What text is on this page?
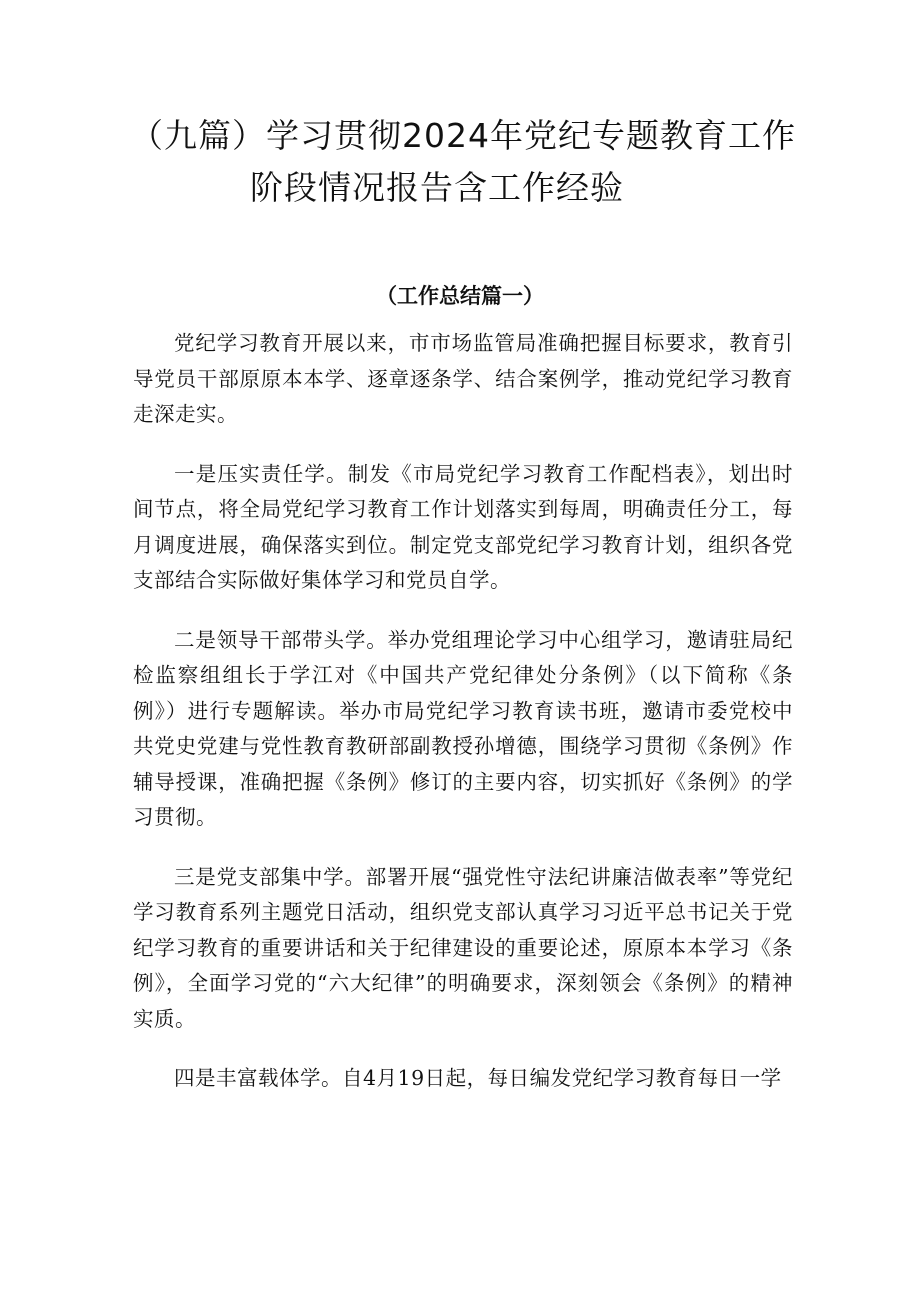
（九篇）学习贯彻2024年党纪专题教育工作
阶段情况报告含工作经验
（工作总结篇一）

党纪学习教育开展以来，市市场监管局准确把握目标要求，教育引导党员干部原原本本学、逐章逐条学、结合案例学，推动党纪学习教育走深走实。

一是压实责任学。制发《市局党纪学习教育工作配档表》，划出时间节点，将全局党纪学习教育工作计划落实到每周，明确责任分工，每月调度进展，确保落实到位。制定党支部党纪学习教育计划，组织各党支部结合实际做好集体学习和党员自学。

二是领导干部带头学。举办党组理论学习中心组学习，邀请驻局纪检监察组组长于学江对《中国共产党纪律处分条例》（以下简称《条例》）进行专题解读。举办市局党纪学习教育读书班，邀请市委党校中共党史党建与党性教育教研部副教授孙增德，围绕学习贯彻《条例》作辅导授课，准确把握《条例》修订的主要内容，切实抓好《条例》的学习贯彻。

三是党支部集中学。部署开展“强党性守法纪讲廉洁做表率”等党纪学习教育系列主题党日活动，组织党支部认真学习习近平总书记关于党纪学习教育的重要讲话和关于纪律建设的重要论述，原原本本学习《条例》，全面学习党的“六大纪律”的明确要求，深刻领会《条例》的精神实质。

四是丰富载体学。自4月19日起，每日编发党纪学习教育每日一学
